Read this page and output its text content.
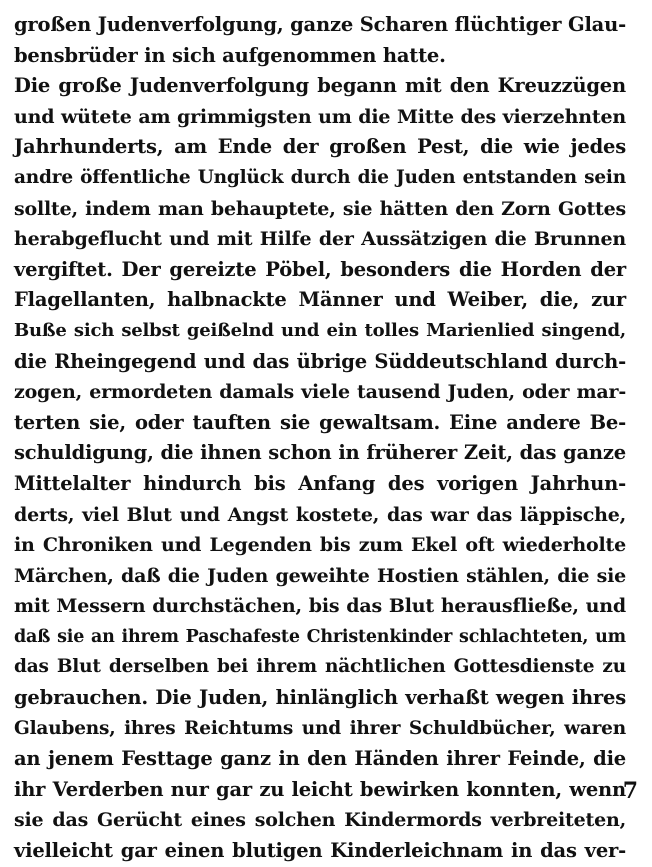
großen Judenverfolgung, ganze Scharen flüchtiger Glau-
bensbrüder in sich aufgenommen hatte.
Die große Judenverfolgung begann mit den Kreuzzügen
und wütete am grimmigsten um die Mitte des vierzehnten
Jahrhunderts, am Ende der großen Pest, die wie jedes
andre öffentliche Unglück durch die Juden entstanden sein
sollte, indem man behauptete, sie hätten den Zorn Gottes
herabgeflucht und mit Hilfe der Aussätzigen die Brunnen
vergiftet. Der gereizte Pöbel, besonders die Horden der
Flagellanten, halbnackte Männer und Weiber, die, zur
Buße sich selbst geißelnd und ein tolles Marienlied singend,
die Rheingegend und das übrige Süddeutschland durch-
zogen, ermordeten damals viele tausend Juden, oder mar-
terten sie, oder tauften sie gewaltsam. Eine andere Be-
schuldigung, die ihnen schon in früherer Zeit, das ganze
Mittelalter hindurch bis Anfang des vorigen Jahrhun-
derts, viel Blut und Angst kostete, das war das läppische,
in Chroniken und Legenden bis zum Ekel oft wiederholte
Märchen, daß die Juden geweihte Hostien stählen, die sie
mit Messern durchstächen, bis das Blut herausfließe, und
daß sie an ihrem Paschafeste Christenkinder schlachteten, um
das Blut derselben bei ihrem nächtlichen Gottesdienste zu
gebrauchen. Die Juden, hinlänglich verhaßt wegen ihres
Glaubens, ihres Reichtums und ihrer Schuldbücher, waren
an jenem Festtage ganz in den Händen ihrer Feinde, die
ihr Verderben nur gar zu leicht bewirken konnten, wenn
sie das Gerücht eines solchen Kindermords verbreiteten,
vielleicht gar einen blutigen Kinderleichnam in das ver-
7
